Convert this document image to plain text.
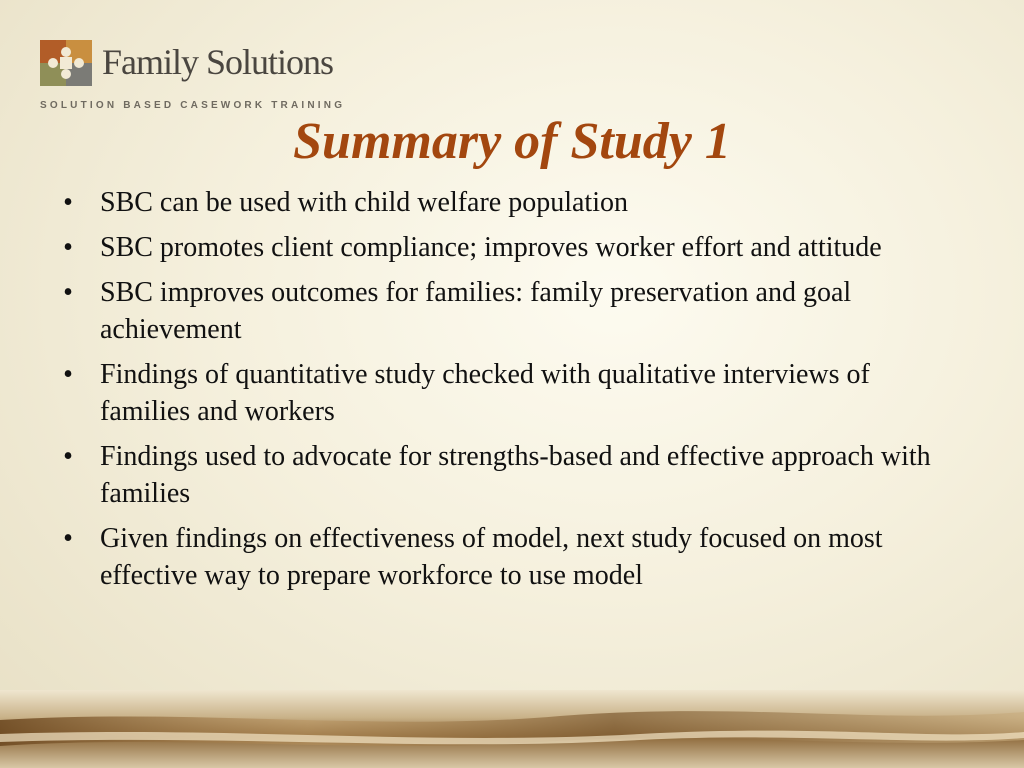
Family Solutions
SOLUTION BASED CASEWORK TRAINING
Summary of Study 1
• SBC can be used with child welfare population
• SBC promotes client compliance; improves worker effort and attitude
• SBC improves outcomes for families: family preservation and goal achievement
• Findings of quantitative study checked with qualitative interviews of families and workers
• Findings used to advocate for strengths-based and effective approach with families
• Given findings on effectiveness of model, next study focused on most effective way to prepare workforce to use model
